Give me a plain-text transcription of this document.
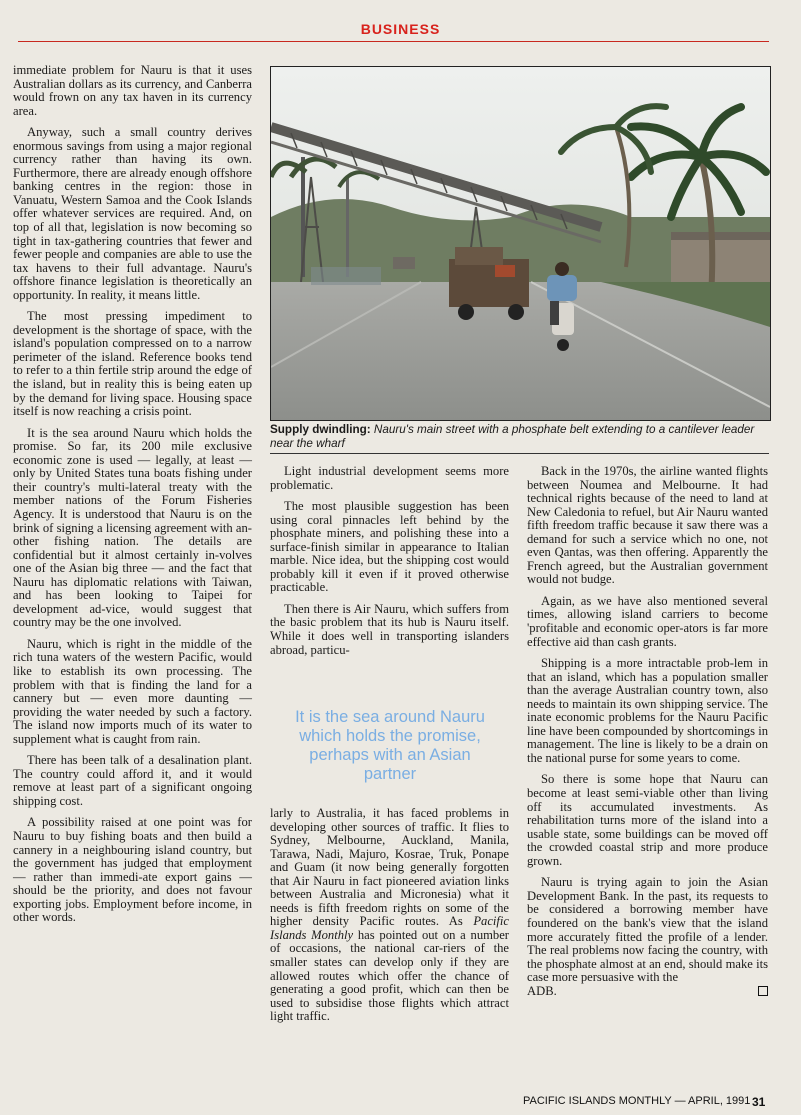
BUSINESS

immediate problem for Nauru is that it uses Australian dollars as its currency, and Canberra would frown on any tax haven in its currency area.

Anyway, such a small country derives enormous savings from using a major regional currency rather than having its own. Furthermore, there are already enough offshore banking centres in the region: those in Vanuatu, Western Samoa and the Cook Islands offer whatever services are required. And, on top of all that, legislation is now becoming so tight in tax-gathering countries that fewer and fewer people and companies are able to use the tax havens to their full advantage. Nauru's offshore finance legislation is theoretically an opportunity. In reality, it means little.

The most pressing impediment to development is the shortage of space, with the island's population compressed on to a narrow perimeter of the island. Reference books tend to refer to a thin fertile strip around the edge of the island, but in reality this is being eaten up by the demand for living space. Housing space itself is now reaching a crisis point.

It is the sea around Nauru which holds the promise. So far, its 200 mile exclusive economic zone is used — legally, at least — only by United States tuna boats fishing under their country's multi-lateral treaty with the member nations of the Forum Fisheries Agency. It is understood that Nauru is on the brink of signing a licensing agreement with an-other fishing nation. The details are confidential but it almost certainly in-volves one of the Asian big three — and the fact that Nauru has diplomatic relations with Taiwan, and has been looking to Taipei for development ad-vice, would suggest that country may be the one involved.

Nauru, which is right in the middle of the rich tuna waters of the western Pacific, would like to establish its own processing. The problem with that is finding the land for a cannery but — even more daunting — providing the water needed by such a factory. The island now imports much of its water to supplement what is caught from rain.

There has been talk of a desalination plant. The country could afford it, and it would remove at least part of a significant ongoing shipping cost.

A possibility raised at one point was for Nauru to buy fishing boats and then build a cannery in a neighbouring island country, but the government has judged that employment — rather than immedi-ate export gains — should be the priority, and does not favour exporting jobs. Employment before income, in other words.

Supply dwindling: Nauru's main street with a phosphate belt extending to a cantilever leader near the wharf

Light industrial development seems more problematic.

The most plausible suggestion has been using coral pinnacles left behind by the phosphate miners, and polishing these into a surface-finish similar in appearance to Italian marble. Nice idea, but the shipping cost would probably kill it even if it proved otherwise practicable.

Then there is Air Nauru, which suffers from the basic problem that its hub is Nauru itself. While it does well in transporting islanders abroad, particu-

It is the sea around Nauru which holds the promise, perhaps with an Asian partner

larly to Australia, it has faced problems in developing other sources of traffic. It flies to Sydney, Melbourne, Auckland, Manila, Tarawa, Nadi, Majuro, Kosrae, Truk, Ponape and Guam (it now being generally forgotten that Air Nauru in fact pioneered aviation links between Australia and Micronesia) what it needs is fifth freedom rights on some of the higher density Pacific routes. As Pacific Islands Monthly has pointed out on a number of occasions, the national car-riers of the smaller states can develop only if they are allowed routes which offer the chance of generating a good profit, which can then be used to subsidise those flights which attract light traffic.

Back in the 1970s, the airline wanted flights between Noumea and Melbourne. It had technical rights because of the need to land at New Caledonia to refuel, but Air Nauru wanted fifth freedom traffic because it saw there was a demand for such a service which no one, not even Qantas, was then offering. Apparently the French agreed, but the Australian government would not budge.

Again, as we have also mentioned several times, allowing island carriers to become 'profitable and economic oper-ators is far more effective aid than cash grants.

Shipping is a more intractable prob-lem in that an island, which has a population smaller than the average Australian country town, also needs to maintain its own shipping service. The inate economic problems for the Nauru Pacific line have been compounded by shortcomings in management. The line is likely to be a drain on the national purse for some years to come.

So there is some hope that Nauru can become at least semi-viable other than living off its accumulated investments. As rehabilitation turns more of the island into a usable state, some buildings can be moved off the crowded coastal strip and more produce grown.

Nauru is trying again to join the Asian Development Bank. In the past, its requests to be considered a borrowing member have foundered on the bank's view that the island more accurately fitted the profile of a lender. The real problems now facing the country, with the phosphate almost at an end, should make its case more persuasive with the

ADB.
PACIFIC ISLANDS MONTHLY — APRIL, 1991 31
